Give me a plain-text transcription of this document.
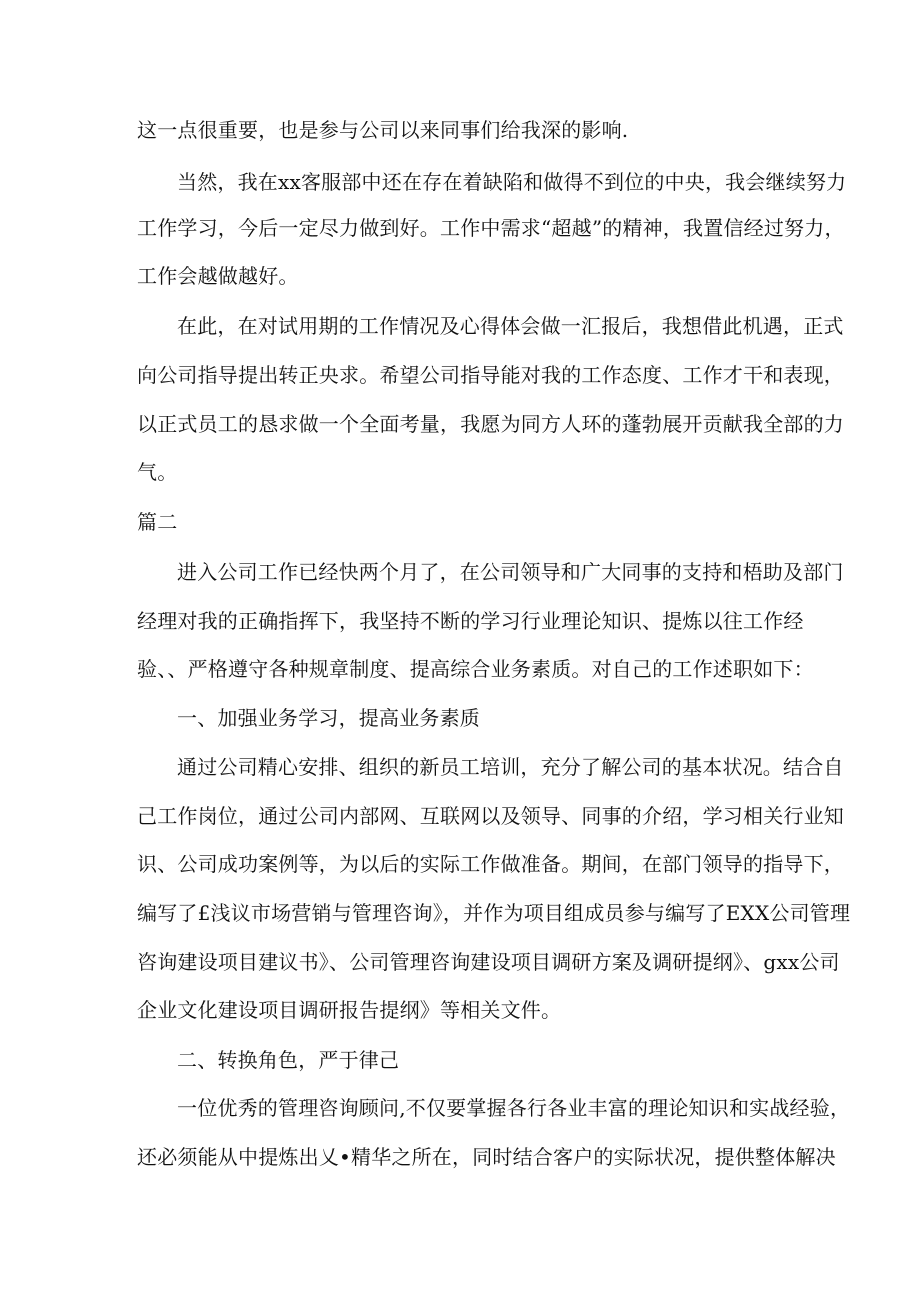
这一点很重要，也是参与公司以来同事们给我深的影响.
当然，我在xx客服部中还在存在着缺陷和做得不到位的中央，我会继续努力
工作学习，今后一定尽力做到好。工作中需求“超越”的精神，我置信经过努力，
工作会越做越好。
在此，在对试用期的工作情况及心得体会做一汇报后，我想借此机遇，正式
向公司指导提出转正央求。希望公司指导能对我的工作态度、工作才干和表现，
以正式员工的恳求做一个全面考量，我愿为同方人环的蓬勃展开贡献我全部的力
气。
篇二
进入公司工作已经快两个月了，在公司领导和广大同事的支持和梧助及部门
经理对我的正确指挥下，我坚持不断的学习行业理论知识、提炼以往工作经
验、、严格遵守各种规章制度、提高综合业务素质。对自己的工作述职如下：
一、加强业务学习，提高业务素质
通过公司精心安排、组织的新员工培训，充分了解公司的基本状况。结合自
己工作岗位，通过公司内部网、互联网以及领导、同事的介绍，学习相关行业知
识、公司成功案例等，为以后的实际工作做准备。期间，在部门领导的指导下，
编写了£浅议市场营销与管理咨询》，并作为项目组成员参与编写了EXX公司管理
咨询建设项目建议书》、公司管理咨询建设项目调研方案及调研提纲》、gxx公司
企业文化建设项目调研报告提纲》等相关文件。
二、转换角色，严于律己
一位优秀的管理咨询顾问,不仅要掌握各行各业丰富的理论知识和实战经验，
还必须能从中提炼出乂•精华之所在，同时结合客户的实际状况，提供整体解决
